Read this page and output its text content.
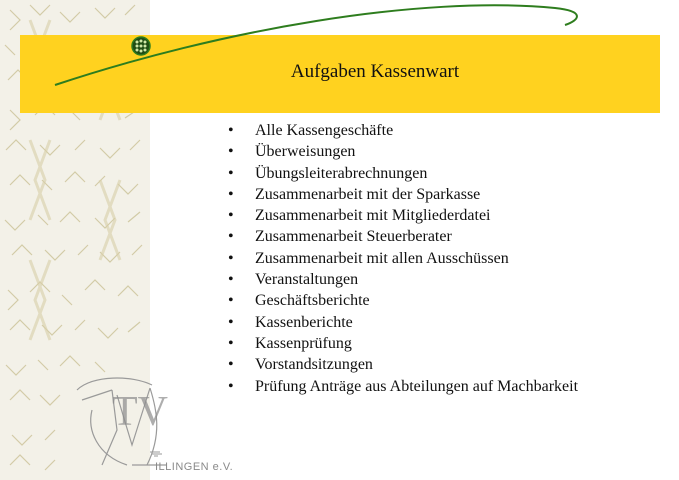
Aufgaben Kassenwart
• Alle Kassengeschäfte
• Überweisungen
• Übungsleiterabrechnungen
• Zusammenarbeit mit der Sparkasse
• Zusammenarbeit mit Mitgliederdatei
• Zusammenarbeit Steuerberater
• Zusammenarbeit mit allen Ausschüssen
• Veranstaltungen
• Geschäftsberichte
• Kassenberichte
• Kassenprüfung
• Vorstandsitzungen
• Prüfung Anträge aus Abteilungen auf Machbarkeit
TV
ILLINGEN e.V.
